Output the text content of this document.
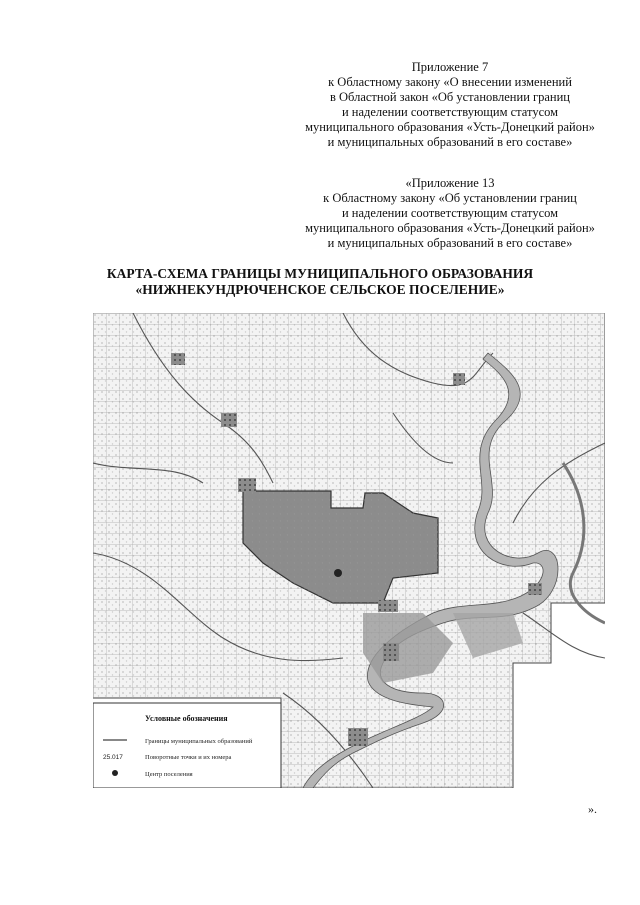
Приложение 7
к Областному закону «О внесении изменений
в Областной закон «Об установлении границ
и наделении соответствующим статусом
муниципального образования «Усть-Донецкий район»
и муниципальных образований в его составе»
«Приложение 13
к Областному закону «Об установлении границ
и наделении соответствующим статусом
муниципального образования «Усть-Донецкий район»
и муниципальных образований в его составе»
КАРТА-СХЕМА ГРАНИЦЫ МУНИЦИПАЛЬНОГО ОБРАЗОВАНИЯ
«НИЖНЕКУНДРЮЧЕНСКОЕ СЕЛЬСКОЕ ПОСЕЛЕНИЕ»
Условные обозначения
Границы муниципальных образований
25.017	Поворотные точки и их номера
Центр поселения
».
